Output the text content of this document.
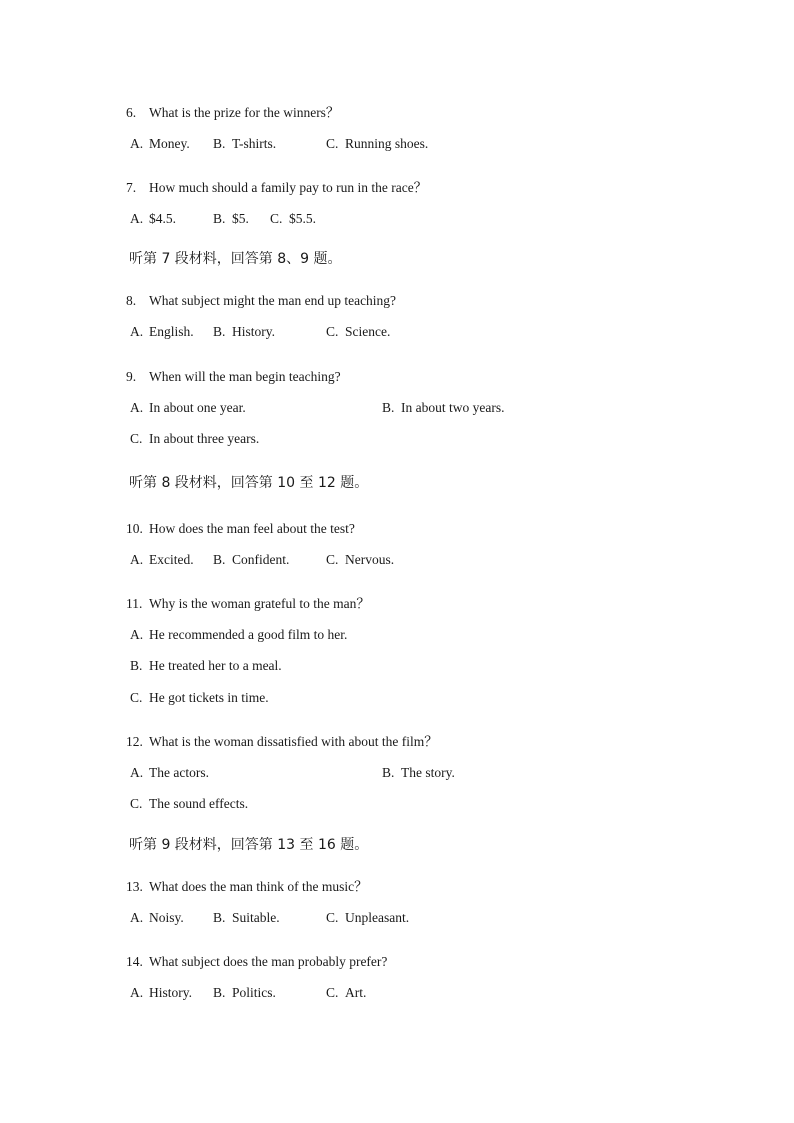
6. What is the prize for the winners？
A. Money. B. T-shirts.	C. Running shoes.
7. How much should a family pay to run in the race？
A. $4.5.	B. $5. C. $5.5.
听第 7 段材料，回答第 8、9 题。
8. What subject might the man end up teaching?
A. English. B. History.	C. Science.
9. When will the man begin teaching?
A. In about one year.	B. In about two years.
C. In about three years.
听第 8 段材料，回答第 10 至 12 题。
10. How does the man feel about the test?
A. Excited. B. Confident.	C. Nervous.
11. Why is the woman grateful to the man？
A. He recommended a good film to her.
B. He treated her to a meal.
C. He got tickets in time.
12. What is the woman dissatisfied with about the film？
A. The actors.	B. The story.
C. The sound effects.
听第 9 段材料，回答第 13 至 16 题。
13. What does the man think of the music？
A. Noisy. B. Suitable.	C. Unpleasant.
14. What subject does the man probably prefer?
A. History. B. Politics.	C. Art.
